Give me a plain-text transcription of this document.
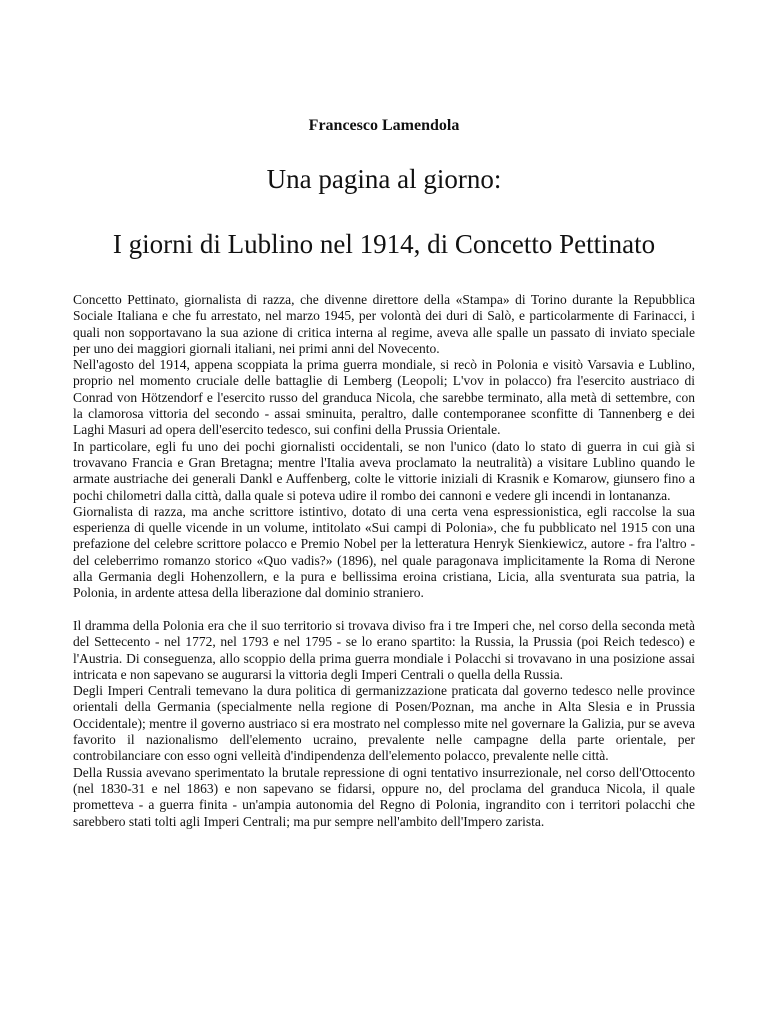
Francesco Lamendola
Una pagina al giorno:
I giorni di Lublino nel 1914, di Concetto Pettinato

Concetto Pettinato, giornalista di razza, che divenne direttore della «Stampa» di Torino durante la Repubblica Sociale Italiana e che fu arrestato, nel marzo 1945, per volontà dei duri di Salò, e particolarmente di Farinacci, i quali non sopportavano la sua azione di critica interna al regime, aveva alle spalle un passato di inviato speciale per uno dei maggiori giornali italiani, nei primi anni del Novecento.

Nell'agosto del 1914, appena scoppiata la prima guerra mondiale, si recò in Polonia e visitò Varsavia e Lublino, proprio nel momento cruciale delle battaglie di Lemberg (Leopoli; L'vov in polacco) fra l'esercito austriaco di Conrad von Hötzendorf e l'esercito russo del granduca Nicola, che sarebbe terminato, alla metà di settembre, con la clamorosa vittoria del secondo - assai sminuita, peraltro, dalle contemporanee sconfitte di Tannenberg e dei Laghi Masuri ad opera dell'esercito tedesco, sui confini della Prussia Orientale.

In particolare, egli fu uno dei pochi giornalisti occidentali, se non l'unico (dato lo stato di guerra in cui già si trovavano Francia e Gran Bretagna; mentre l'Italia aveva proclamato la neutralità) a visitare Lublino quando le armate austriache dei generali Dankl e Auffenberg, colte le vittorie iniziali di Krasnik e Komarow, giunsero fino a pochi chilometri dalla città, dalla quale si poteva udire il rombo dei cannoni e vedere gli incendi in lontananza.

Giornalista di razza, ma anche scrittore istintivo, dotato di una certa vena espressionistica, egli raccolse la sua esperienza di quelle vicende in un volume, intitolato «Sui campi di Polonia», che fu pubblicato nel 1915 con una prefazione del celebre scrittore polacco e Premio Nobel per la letteratura Henryk Sienkiewicz, autore - fra l'altro - del celeberrimo romanzo storico «Quo vadis?» (1896), nel quale paragonava implicitamente la Roma di Nerone alla Germania degli Hohenzollern, e la pura e bellissima eroina cristiana, Licia, alla sventurata sua patria, la Polonia, in ardente attesa della liberazione dal dominio straniero.

Il dramma della Polonia era che il suo territorio si trovava diviso fra i tre Imperi che, nel corso della seconda metà del Settecento - nel 1772, nel 1793 e nel 1795 - se lo erano spartito: la Russia, la Prussia (poi Reich tedesco) e l'Austria. Di conseguenza, allo scoppio della prima guerra mondiale i Polacchi si trovavano in una posizione assai intricata e non sapevano se augurarsi la vittoria degli Imperi Centrali o quella della Russia.

Degli Imperi Centrali temevano la dura politica di germanizzazione praticata dal governo tedesco nelle province orientali della Germania (specialmente nella regione di Posen/Poznan, ma anche in Alta Slesia e in Prussia Occidentale); mentre il governo austriaco si era mostrato nel complesso mite nel governare la Galizia, pur se aveva favorito il nazionalismo dell'elemento ucraino, prevalente nelle campagne della parte orientale, per controbilanciare con esso ogni velleità d'indipendenza dell'elemento polacco, prevalente nelle città.

Della Russia avevano sperimentato la brutale repressione di ogni tentativo insurrezionale, nel corso dell'Ottocento (nel 1830-31 e nel 1863) e non sapevano se fidarsi, oppure no, del proclama del granduca Nicola, il quale prometteva - a guerra finita - un'ampia autonomia del Regno di Polonia, ingrandito con i territori polacchi che sarebbero stati tolti agli Imperi Centrali; ma pur sempre nell'ambito dell'Impero zarista.
